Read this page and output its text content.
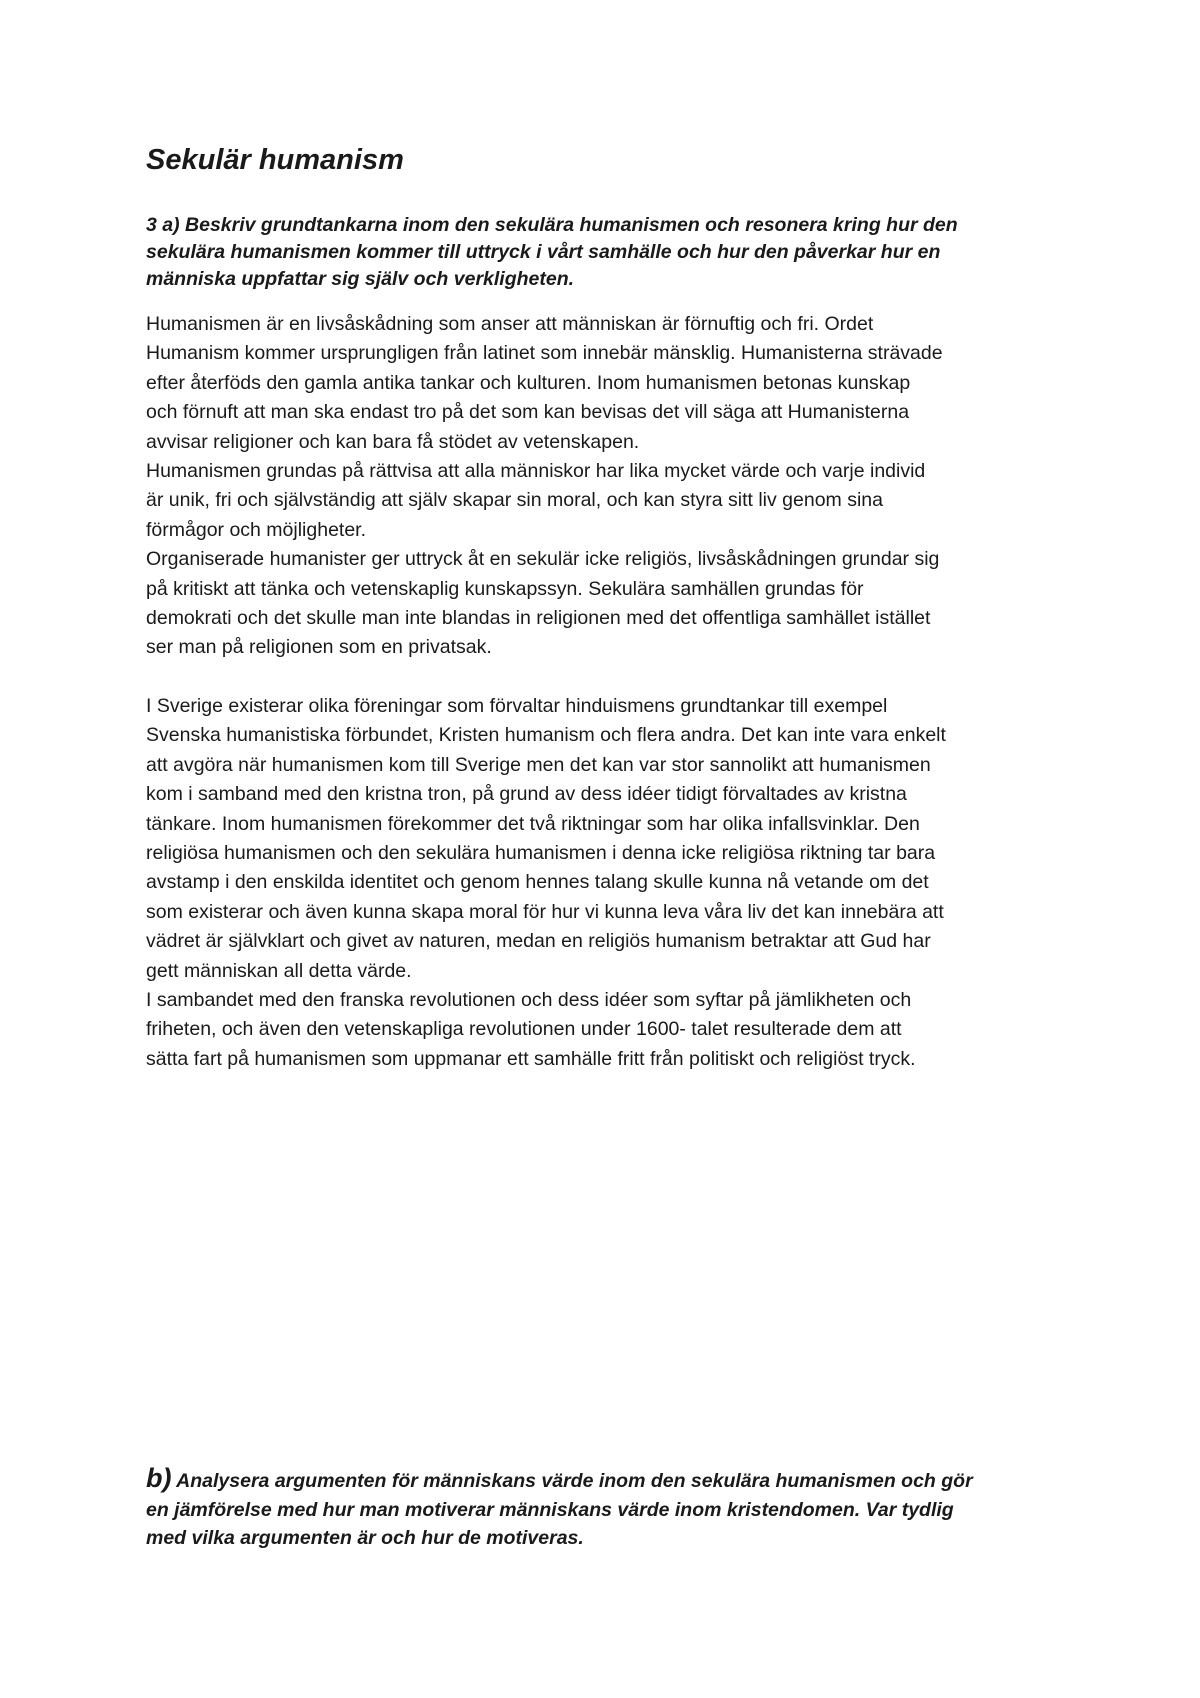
Sekulär humanism
3 a) Beskriv grundtankarna inom den sekulära humanismen och resonera kring hur den
sekulära humanismen kommer till uttryck i vårt samhälle och hur den påverkar hur en
människa uppfattar sig själv och verkligheten.
Humanismen är en livsåskådning som anser att människan är förnuftig och fri. Ordet
Humanism kommer ursprungligen från latinet som innebär mänsklig. Humanisterna strävade
efter återföds den gamla antika tankar och kulturen. Inom humanismen betonas kunskap
och förnuft att man ska endast tro på det som kan bevisas det vill säga att Humanisterna
avvisar religioner och kan bara få stödet av vetenskapen.
Humanismen grundas på rättvisa att alla människor har lika mycket värde och varje individ
är unik, fri och självständig att själv skapar sin moral, och kan styra sitt liv genom sina
förmågor och möjligheter.
Organiserade humanister ger uttryck åt en sekulär icke religiös, livsåskådningen grundar sig
på kritiskt att tänka och vetenskaplig kunskapssyn. Sekulära samhällen grundas för
demokrati och det skulle man inte blandas in religionen med det offentliga samhället istället
ser man på religionen som en privatsak.
I Sverige existerar olika föreningar som förvaltar hinduismens grundtankar till exempel
Svenska humanistiska förbundet, Kristen humanism och flera andra. Det kan inte vara enkelt
att avgöra när humanismen kom till Sverige men det kan var stor sannolikt att humanismen
kom i samband med den kristna tron, på grund av dess idéer tidigt förvaltades av kristna
tänkare. Inom humanismen förekommer det två riktningar som har olika infallsvinklar. Den
religiösa humanismen och den sekulära humanismen i denna icke religiösa riktning tar bara
avstamp i den enskilda identitet och genom hennes talang skulle kunna nå vetande om det
som existerar och även kunna skapa moral för hur vi kunna leva våra liv det kan innebära att
vädret är självklart och givet av naturen, medan en religiös humanism betraktar att Gud har
gett människan all detta värde.
I sambandet med den franska revolutionen och dess idéer som syftar på jämlikheten och
friheten, och även den vetenskapliga revolutionen under 1600- talet resulterade dem att
sätta fart på humanismen som uppmanar ett samhälle fritt från politiskt och religiöst tryck.
b) Analysera argumenten för människans värde inom den sekulära humanismen och gör
en jämförelse med hur man motiverar människans värde inom kristendomen. Var tydlig
med vilka argumenten är och hur de motiveras.
